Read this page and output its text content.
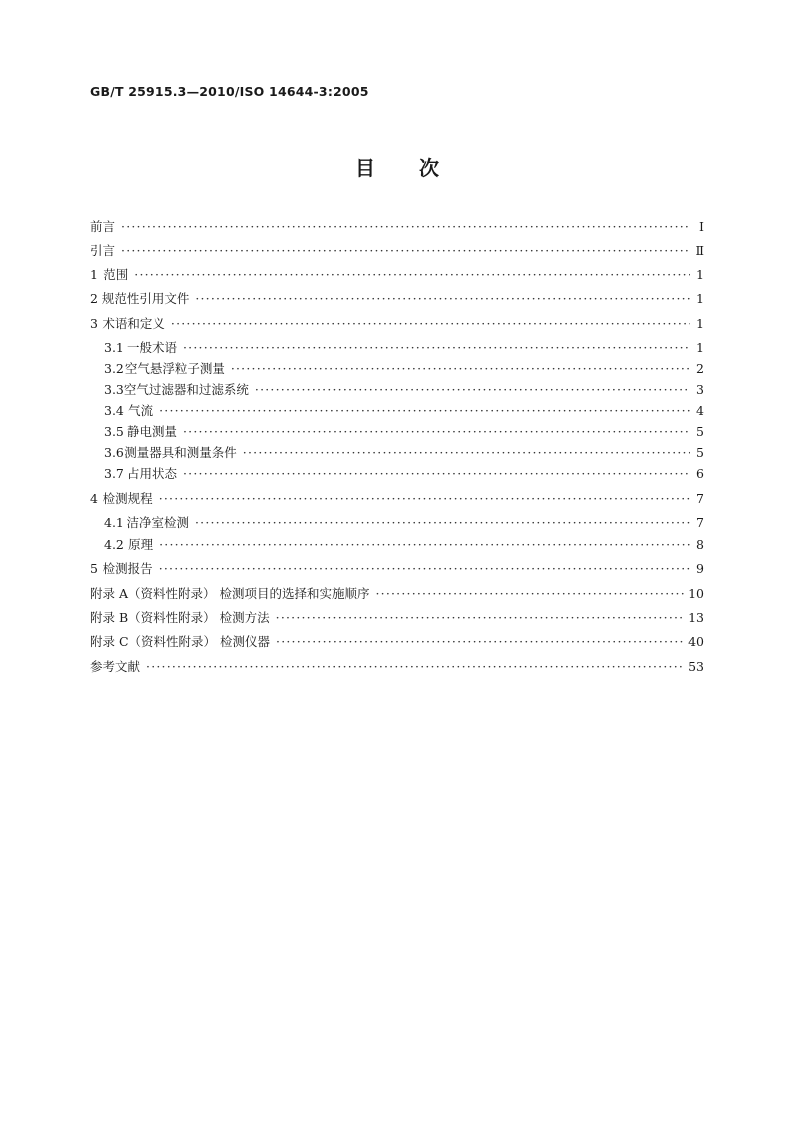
GB/T 25915.3—2010/ISO 14644-3:2005
目 次
前言 ·····	Ⅰ
引言 ·····	Ⅱ
1 范围 ·····	1
2 规范性引用文件 ·····	1
3 术语和定义 ·····	1
3.1 一般术语 ·····	1
3.2 空气悬浮粒子测量 ·····	2
3.3 空气过滤器和过滤系统 ·····	3
3.4 气流 ·····	4
3.5 静电测量 ·····	5
3.6 测量器具和测量条件 ·····	5
3.7 占用状态 ·····	6
4 检测规程 ·····	7
4.1 洁净室检测 ·····	7
4.2 原理 ·····	8
5 检测报告 ·····	9
附录 A（资料性附录） 检测项目的选择和实施顺序 ·····	10
附录 B（资料性附录） 检测方法 ·····	13
附录 C（资料性附录） 检测仪器 ·····	40
参考文献 ·····	53
